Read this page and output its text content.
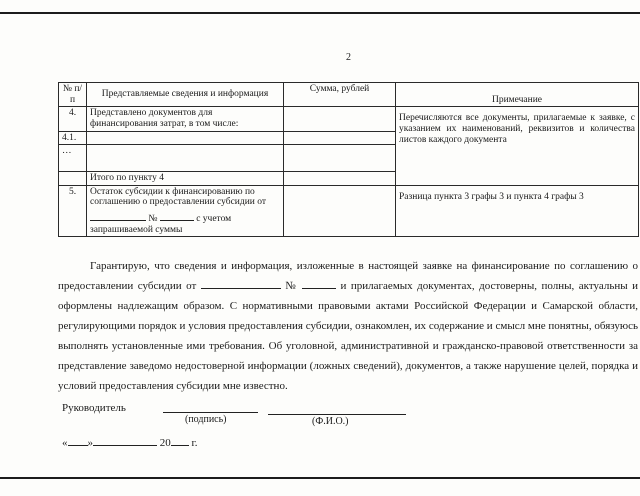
2
№ п/п	Представляемые сведения и информация	Сумма, рублей	Примечание
4.	Представлено документов для финансирования затрат, в том числе:		Перечисляются все документы, прилагаемые к заявке, с указанием их наименований, реквизитов и количества листов каждого документа
4.1.			
…			
	Итого по пункту 4		
5.	Остаток субсидии к финансированию по соглашению о предоставлении субсидии от  № с учетом запрашиваемой суммы		Разница пункта 3 графы 3 и пункта 4 графы 3

Гарантирую, что сведения и информация, изложенные в настоящей заявке на финансирование по соглашению о предоставлении субсидии от	№	и прилагаемых документах, достоверны, полны, актуальны и оформлены надлежащим образом. С нормативными правовыми актами Российской Федерации и Самарской области, регулирующими порядок и условия предоставления субсидии, ознакомлен, их содержание и смысл мне понятны, обязуюсь выполнять установленные ими требования. Об уголовной, административной и гражданско-правовой ответственности за представление заведомо недостоверной информации (ложных сведений), документов, а также нарушение целей, порядка и условий предоставления субсидии мне известно.

Руководитель
(подпись)	(Ф.И.О.)
« »	20 г.
